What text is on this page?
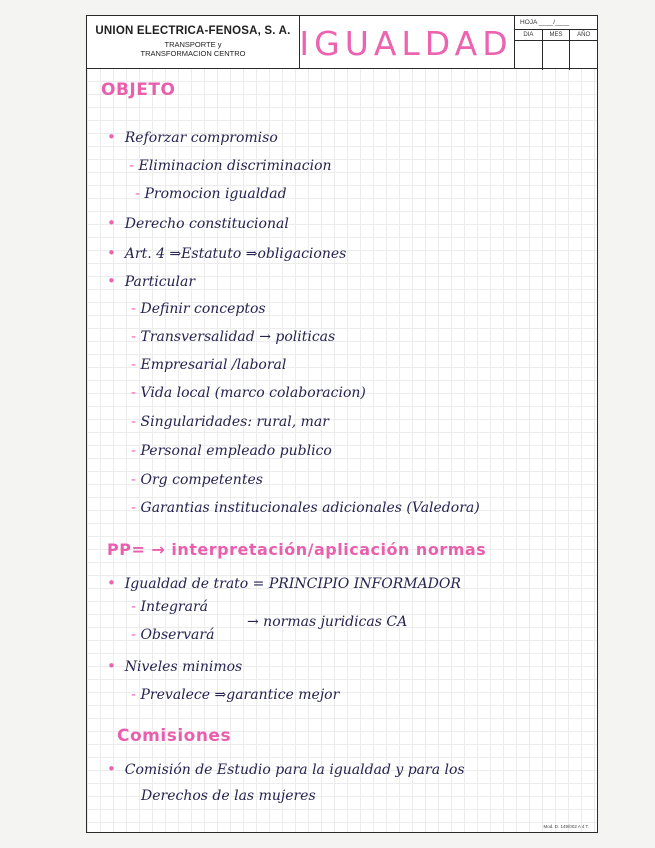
UNION ELECTRICA-FENOSA, S. A.
TRANSPORTE y
TRANSFORMACION CENTRO	IGUALDAD
HOJA ____/____
DIA	MES	AÑO
OBJETO
• Reforzar compromiso
- Eliminacion discriminacion
- Promocion igualdad
• Derecho constitucional
• Art. 4 ⇒Estatuto ⇒obligaciones
• Particular
- Definir conceptos
- Transversalidad → politicas
- Empresarial /laboral
- Vida local (marco colaboracion)
- Singularidades: rural, mar
- Personal empleado publico
- Org competentes
- Garantias institucionales adicionales (Valedora)
PP= → interpretación/aplicación normas
• Igualdad de trato = PRINCIPIO INFORMADOR
- Integrará
- Observará
→ normas juridicas CA
• Niveles minimos
- Prevalece ⇒garantice mejor
Comisiones
• Comisión de Estudio para la igualdad y para los
Derechos de las mujeres
Mod. D. 149/002 A 4 T.
